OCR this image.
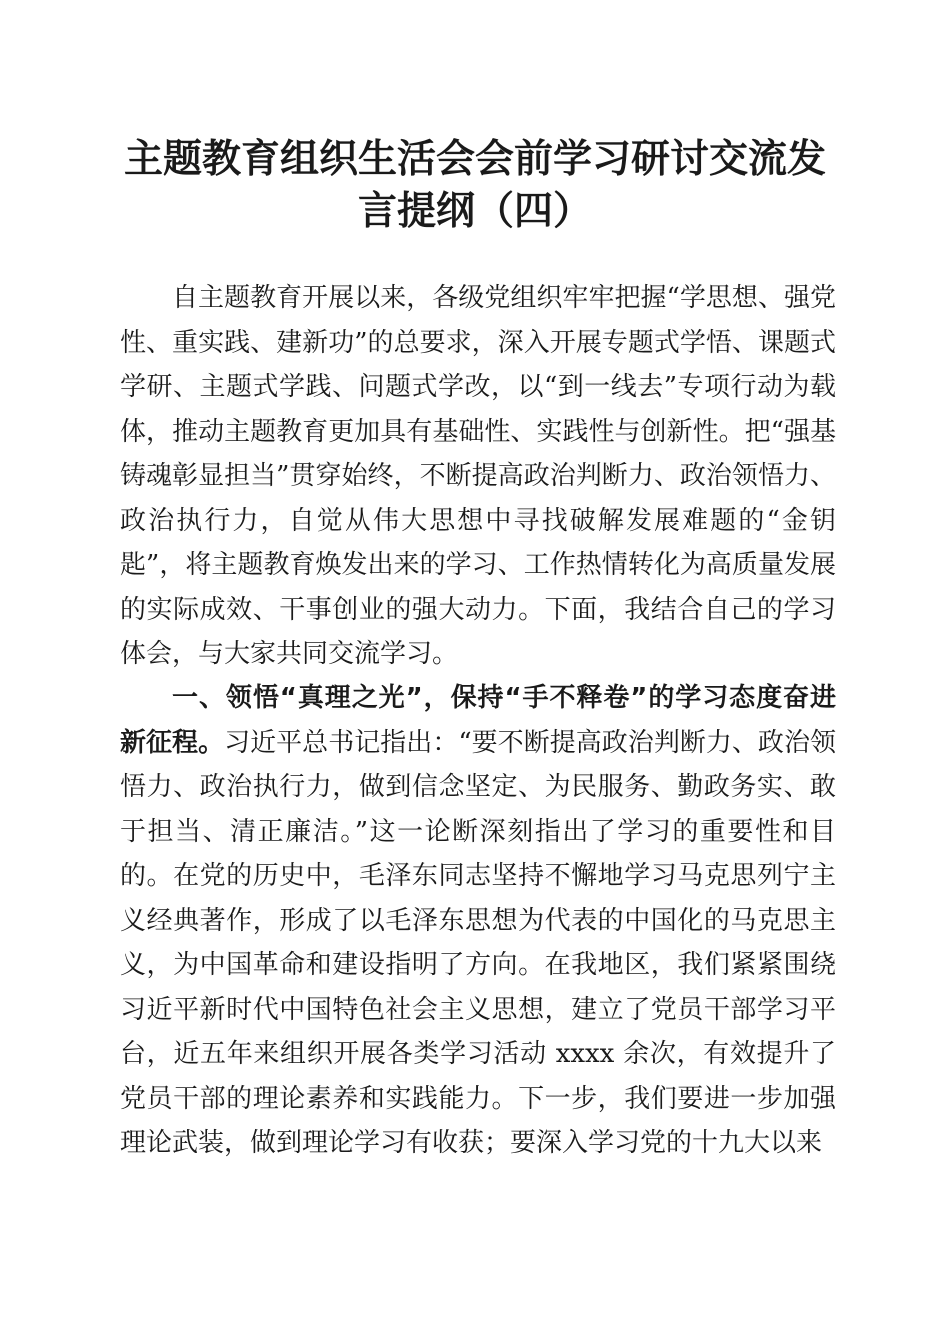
主题教育组织生活会会前学习研讨交流发言提纲（四）

自主题教育开展以来，各级党组织牢牢把握“学思想、强党性、重实践、建新功”的总要求，深入开展专题式学悟、课题式学研、主题式学践、问题式学改，以“到一线去”专项行动为载体，推动主题教育更加具有基础性、实践性与创新性。把“强基铸魂彰显担当”贯穿始终，不断提高政治判断力、政治领悟力、政治执行力，自觉从伟大思想中寻找破解发展难题的“金钥匙”，将主题教育焕发出来的学习、工作热情转化为高质量发展的实际成效、干事创业的强大动力。下面，我结合自己的学习体会，与大家共同交流学习。

一、领悟“真理之光”，保持“手不释卷”的学习态度奋进新征程。习近平总书记指出：“要不断提高政治判断力、政治领悟力、政治执行力，做到信念坚定、为民服务、勤政务实、敢于担当、清正廉洁。”这一论断深刻指出了学习的重要性和目的。在党的历史中，毛泽东同志坚持不懈地学习马克思列宁主义经典著作，形成了以毛泽东思想为代表的中国化的马克思主义，为中国革命和建设指明了方向。在我地区，我们紧紧围绕习近平新时代中国特色社会主义思想，建立了党员干部学习平台，近五年来组织开展各类学习活动 xxxx 余次，有效提升了党员干部的理论素养和实践能力。下一步，我们要进一步加强理论武装，做到理论学习有收获；要深入学习党的十九大以来
